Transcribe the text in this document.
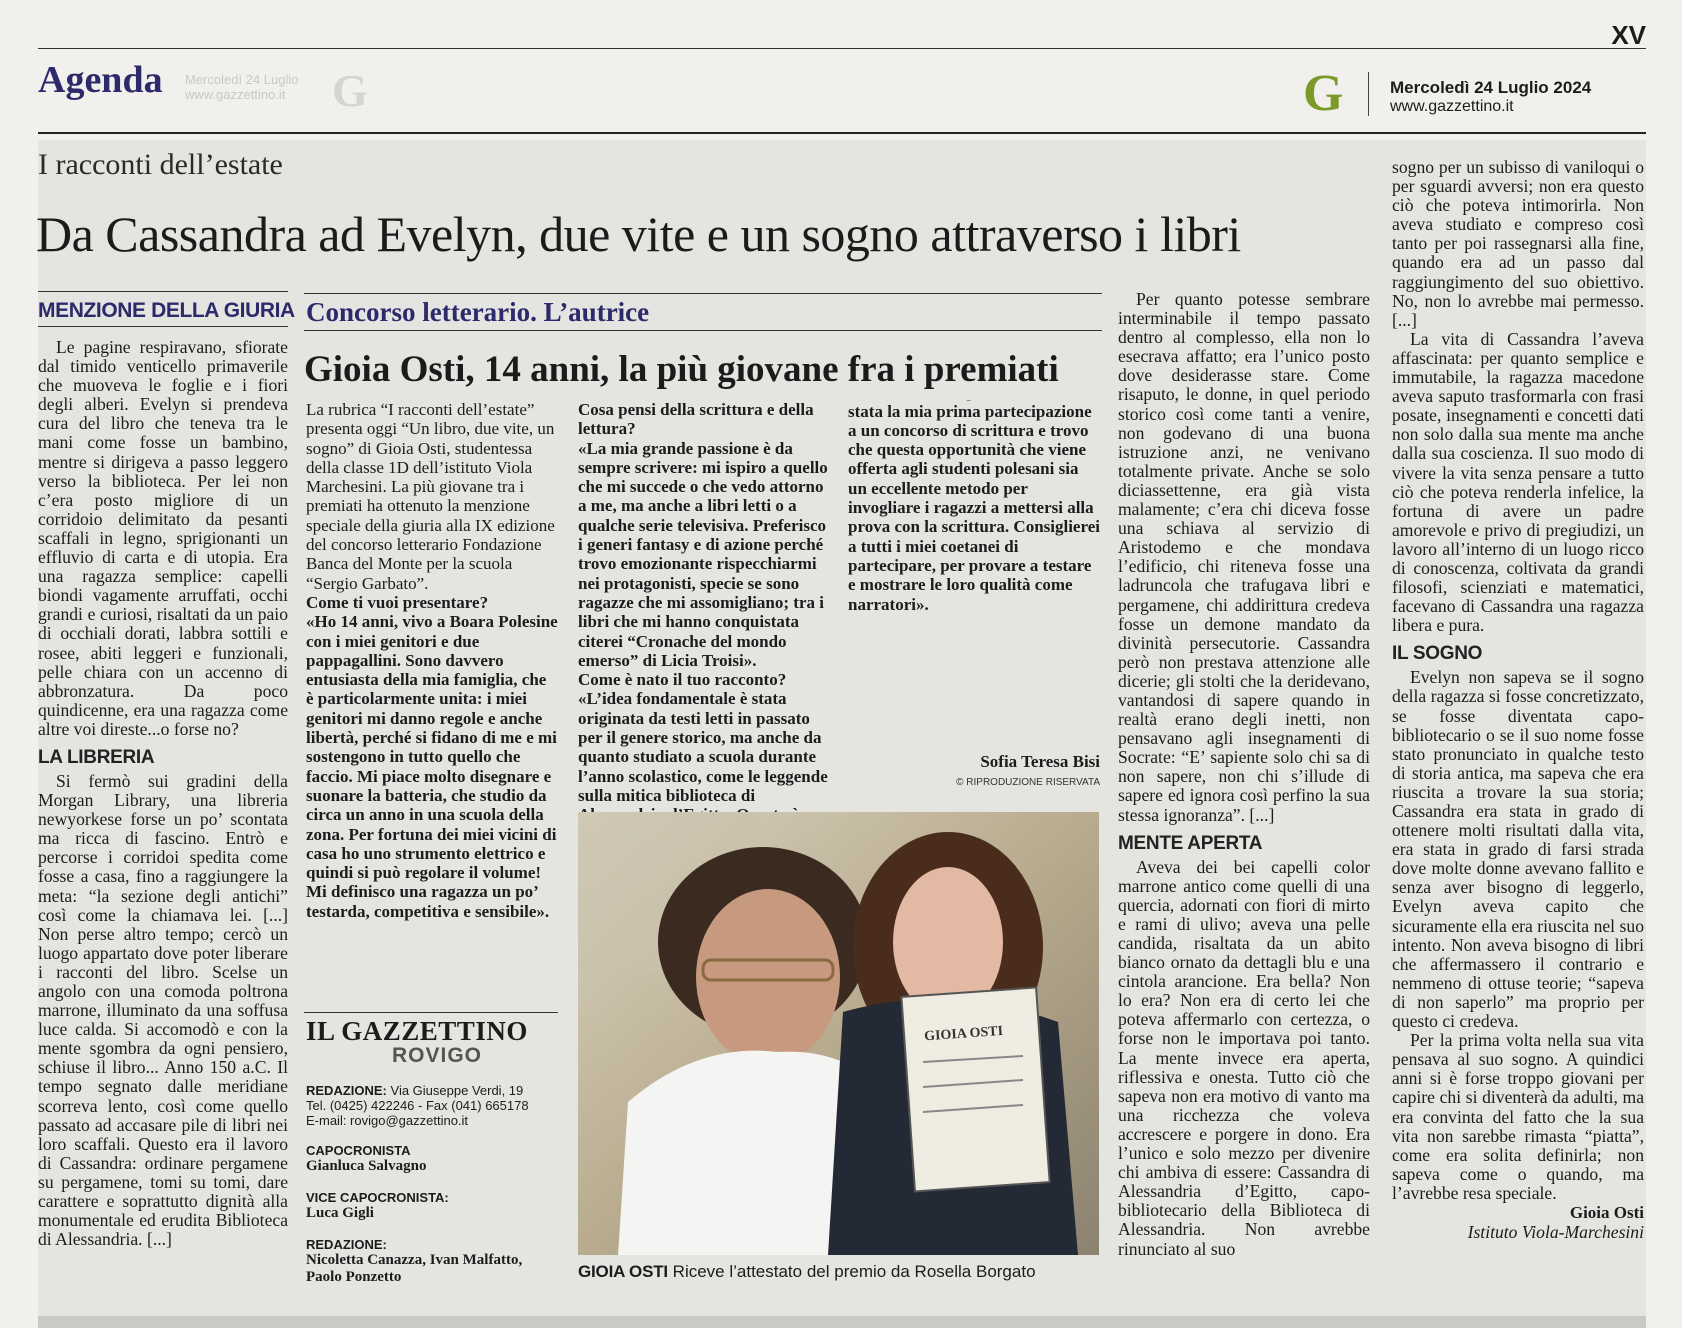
XV
Agenda Mercoledì 24 Luglio
www.gazzettino.it G	G	Mercoledì 24 Luglio 2024
www.gazzettino.it
I racconti dell’estate
Da Cassandra ad Evelyn, due vite e un sogno attraverso i libri
MENZIONE DELLA GIURIA

Le pagine respiravano, sfiorate dal timido venticello primaverile che muoveva le foglie e i fiori degli alberi. Evelyn si prendeva cura del libro che teneva tra le mani come fosse un bambino, mentre si dirigeva a passo leggero verso la biblioteca. Per lei non c’era posto migliore di un corridoio delimitato da pesanti scaffali in legno, sprigionanti un effluvio di carta e di utopia. Era una ragazza semplice: capelli biondi vagamente arruffati, occhi grandi e curiosi, risaltati da un paio di occhiali dorati, labbra sottili e rosee, abiti leggeri e funzionali, pelle chiara con un accenno di abbronzatura. Da poco quindicenne, era una ragazza come altre voi direste...o forse no?

LA LIBRERIA

Si fermò sui gradini della Morgan Library, una libreria newyorkese forse un po’ scontata ma ricca di fascino. Entrò e percorse i corridoi spedita come fosse a casa, fino a raggiungere la meta: “la sezione degli antichi” così come la chiamava lei. [...] Non perse altro tempo; cercò un luogo appartato dove poter liberare i racconti del libro. Scelse un angolo con una comoda poltrona marrone, illuminato da una soffusa luce calda. Si accomodò e con la mente sgombra da ogni pensiero, schiuse il libro... Anno 150 a.C. Il tempo segnato dalle meridiane scorreva lento, così come quello passato ad accasare pile di libri nei loro scaffali. Questo era il lavoro di Cassandra: ordinare pergamene su pergamene, tomi su tomi, dare carattere e soprattutto dignità alla monumentale ed erudita Biblioteca di Alessandria. [...]

Concorso letterario. L’autrice
Gioia Osti, 14 anni, la più giovane fra i premiati

La rubrica “I racconti dell’estate” presenta oggi “Un libro, due vite, un sogno” di Gioia Osti, studentessa della classe 1D dell’istituto Viola Marchesini. La più giovane tra i premiati ha ottenuto la menzione speciale della giuria alla IX edizione del concorso letterario Fondazione Banca del Monte per la scuola “Sergio Garbato”.

Come ti vuoi presentare?

«Ho 14 anni, vivo a Boara Polesine con i miei genitori e due pappagallini. Sono davvero entusiasta della mia famiglia, che è particolarmente unita: i miei genitori mi danno regole e anche libertà, perché si fidano di me e mi sostengono in tutto quello che faccio. Mi piace molto disegnare e suonare la batteria, che studio da circa un anno in una scuola della zona. Per fortuna dei miei vicini di casa ho uno strumento elettrico e quindi si può regolare il volume! Mi definisco una ragazza un po’ testarda, competitiva e sensibile».

Cosa pensi della scrittura e della lettura?

«La mia grande passione è da sempre scrivere: mi ispiro a quello che mi succede o che vedo attorno a me, ma anche a libri letti o a qualche serie televisiva. Preferisco i generi fantasy e di azione perché trovo emozionante rispecchiarmi nei protagonisti, specie se sono ragazze che mi assomigliano; tra i libri che mi hanno conquistata citerei “Cronache del mondo emerso” di Licia Troisi».

Come è nato il tuo racconto?

«L’idea fondamentale è stata originata da testi letti in passato per il genere storico, ma anche da quanto studiato a scuola durante l’anno scolastico, come le leggende sulla mitica biblioteca di

stata la mia prima partecipazione a un concorso di scrittura e trovo che questa opportunità che viene offerta agli studenti polesani sia un eccellente metodo per invogliare i ragazzi a mettersi alla prova con la scrittura. Consiglierei a tutti i miei coetanei di partecipare, per provare a testare e mostrare le loro qualità come narratori».

Sofia Teresa Bisi
© RIPRODUZIONE RISERVATA
GIOIA OSTI
GIOIA OSTI Riceve l’attestato del premio da Rosella Borgato
IL GAZZETTINO
ROVIGO
REDAZIONE: Via Giuseppe Verdi, 19
Tel. (0425) 422246 - Fax (041) 665178
E-mail: rovigo@gazzettino.it

CAPOCRONISTA
Gianluca Salvagno

VICE CAPOCRONISTA:
Luca Gigli

REDAZIONE:
Nicoletta Canazza, Ivan Malfatto,
Paolo Ponzetto

Per quanto potesse sembrare interminabile il tempo passato dentro al complesso, ella non lo esecrava affatto; era l’unico posto dove desiderasse stare. Come risaputo, le donne, in quel periodo storico così come tanti a venire, non godevano di una buona istruzione anzi, ne venivano totalmente private. Anche se solo diciassettenne, era già vista malamente; c’era chi diceva fosse una schiava al servizio di Aristodemo e che mondava l’edificio, chi riteneva fosse una ladruncola che trafugava libri e pergamene, chi addirittura credeva fosse un demone mandato da divinità persecutorie. Cassandra però non prestava attenzione alle dicerie; gli stolti che la deridevano, vantandosi di sapere quando in realtà erano degli inetti, non pensavano agli insegnamenti di Socrate: “E’ sapiente solo chi sa di non sapere, non chi s’illude di sapere ed ignora così perfino la sua stessa ignoranza”. [...]

MENTE APERTA

Aveva dei bei capelli color marrone antico come quelli di una quercia, adornati con fiori di mirto e rami di ulivo; aveva una pelle candida, risaltata da un abito bianco ornato da dettagli blu e una cintola arancione. Era bella? Non lo era? Non era di certo lei che poteva affermarlo con certezza, o forse non le importava poi tanto. La mente invece era aperta, riflessiva e onesta. Tutto ciò che sapeva non era motivo di vanto ma una ricchezza che voleva accrescere e porgere in dono. Era l’unico e solo mezzo per divenire chi ambiva di essere: Cassandra di Alessandria d’Egitto, capo-bibliotecario della Biblioteca di Alessandria. Non avrebbe rinunciato al suo

sogno per un subisso di vaniloqui o per sguardi avversi; non era questo ciò che poteva intimorirla. Non aveva studiato e compreso così tanto per poi rassegnarsi alla fine, quando era ad un passo dal raggiungimento del suo obiettivo. No, non lo avrebbe mai permesso. [...]

La vita di Cassandra l’aveva affascinata: per quanto semplice e immutabile, la ragazza macedone aveva saputo trasformarla con frasi posate, insegnamenti e concetti dati non solo dalla sua mente ma anche dalla sua coscienza. Il suo modo di vivere la vita senza pensare a tutto ciò che poteva renderla infelice, la fortuna di avere un padre amorevole e privo di pregiudizi, un lavoro all’interno di un luogo ricco di conoscenza, coltivata da grandi filosofi, scienziati e matematici, facevano di Cassandra una ragazza libera e pura.

IL SOGNO

Evelyn non sapeva se il sogno della ragazza si fosse concretizzato, se fosse diventata capo-bibliotecario o se il suo nome fosse stato pronunciato in qualche testo di storia antica, ma sapeva che era riuscita a trovare la sua storia; Cassandra era stata in grado di ottenere molti risultati dalla vita, era stata in grado di farsi strada dove molte donne avevano fallito e senza aver bisogno di leggerlo, Evelyn aveva capito che sicuramente ella era riuscita nel suo intento. Non aveva bisogno di libri che affermassero il contrario e nemmeno di ottuse teorie; “sapeva di non saperlo” ma proprio per questo ci credeva.

Per la prima volta nella sua vita pensava al suo sogno. A quindici anni si è forse troppo giovani per capire chi si diventerà da adulti, ma era convinta del fatto che la sua vita non sarebbe rimasta “piatta”, come era solita definirla; non sapeva come o quando, ma l’avrebbe resa speciale.

Gioia Osti
Istituto Viola-Marchesini
